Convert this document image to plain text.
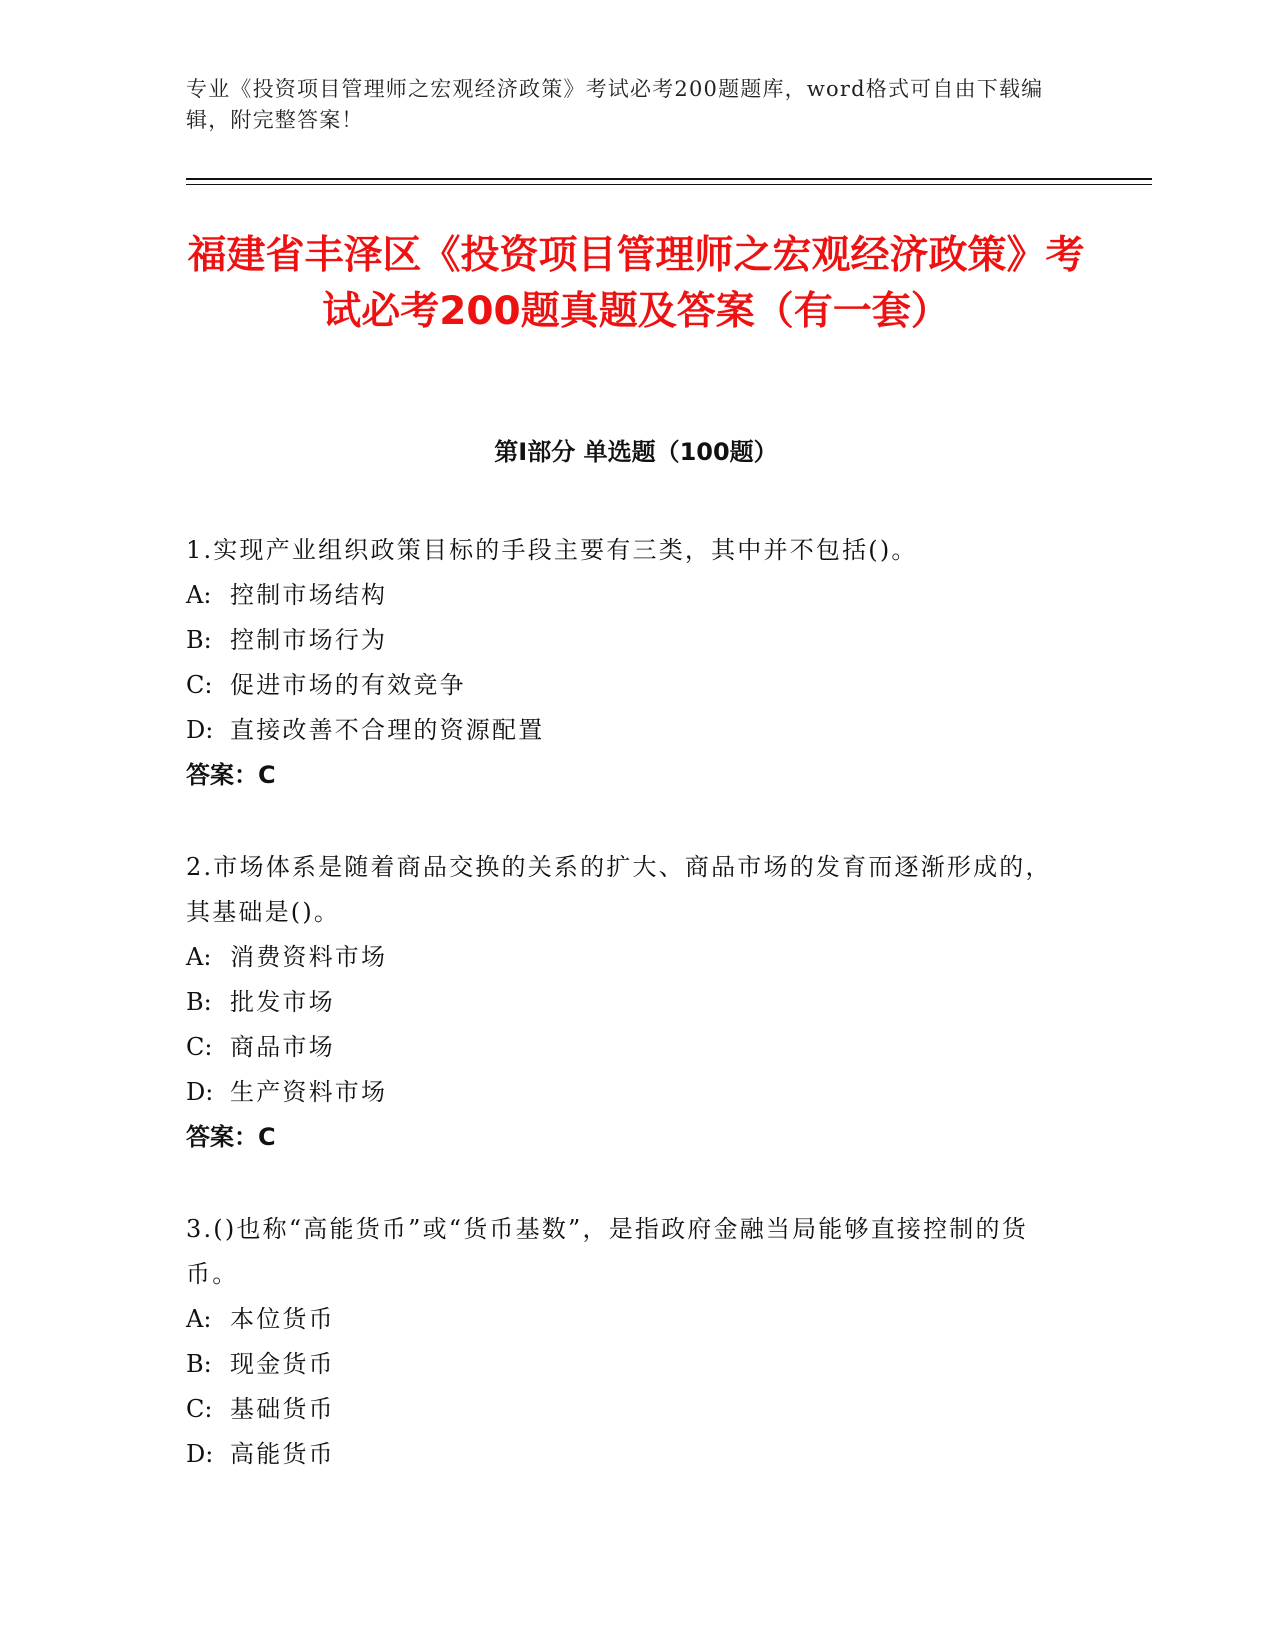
专业《投资项目管理师之宏观经济政策》考试必考200题题库，word格式可自由下载编辑，附完整答案！
福建省丰泽区《投资项目管理师之宏观经济政策》考试必考200题真题及答案（有一套）
第I部分 单选题（100题）

1.实现产业组织政策目标的手段主要有三类，其中并不包括()。

A: 控制市场结构

B: 控制市场行为

C: 促进市场的有效竞争

D: 直接改善不合理的资源配置

答案：C

2.市场体系是随着商品交换的关系的扩大、商品市场的发育而逐渐形成的，其基础是()。

A: 消费资料市场

B: 批发市场

C: 商品市场

D: 生产资料市场

答案：C

3.()也称“高能货币”或“货币基数”，是指政府金融当局能够直接控制的货币。

A: 本位货币

B: 现金货币

C: 基础货币

D: 高能货币
